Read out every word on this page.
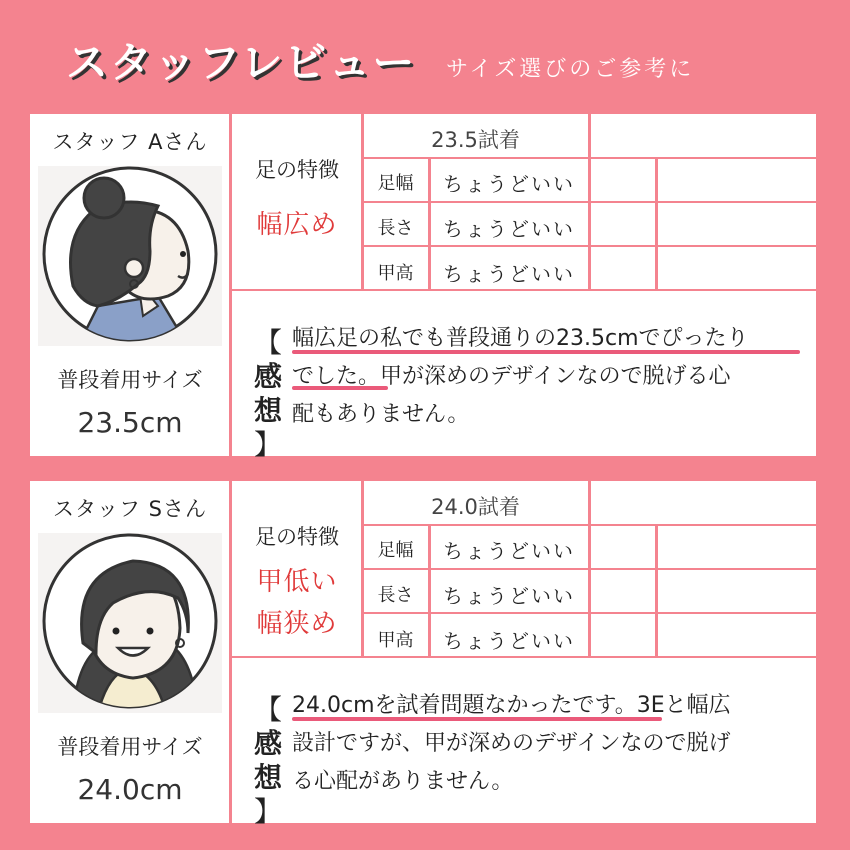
スタッフレビュー サイズ選びのご参考に
スタッフ Aさん
普段着用サイズ
23.5cm
足の特徴
幅広め
23.5試着
足幅	ちょうどいい
長さ	ちょうどいい
甲高	ちょうどいい
【
感
想
】
幅広足の私でも普段通りの23.5cmでぴったり
でした。甲が深めのデザインなので脱げる心
配もありません。
スタッフ Sさん
普段着用サイズ
24.0cm
足の特徴
甲低い
幅狭め
24.0試着
足幅	ちょうどいい
長さ	ちょうどいい
甲高	ちょうどいい
【
感
想
】
24.0cmを試着問題なかったです。3Eと幅広
設計ですが、甲が深めのデザインなので脱げ
る心配がありません。
